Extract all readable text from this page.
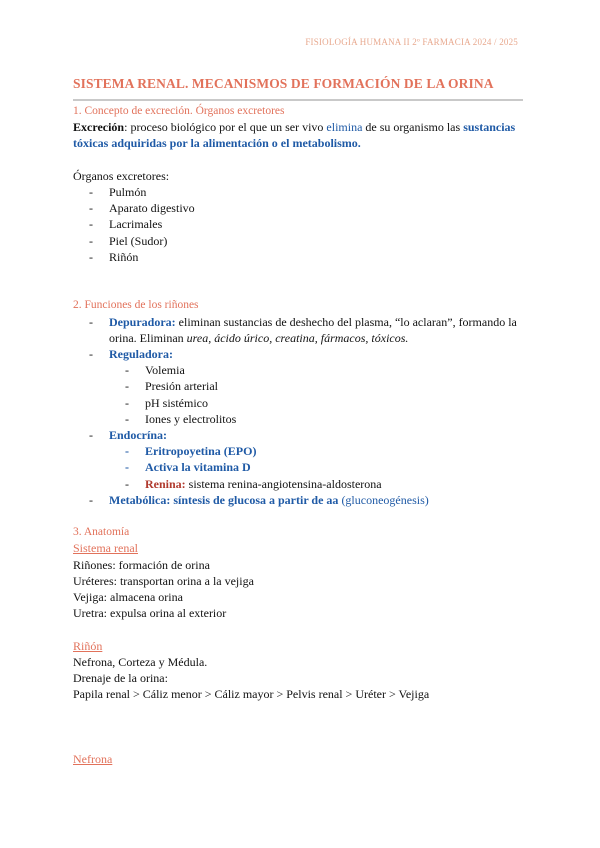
FISIOLOGÍA HUMANA II 2º FARMACIA 2024 / 2025
SISTEMA RENAL. MECANISMOS DE FORMACIÓN DE LA ORINA
1. Concepto de excreción. Órganos excretores
Excreción: proceso biológico por el que un ser vivo elimina de su organismo las sustancias tóxicas adquiridas por la alimentación o el metabolismo.
Órganos excretores:
- Pulmón
- Aparato digestivo
- Lacrimales
- Piel (Sudor)
- Riñón
2. Funciones de los riñones
- Depuradora: eliminan sustancias de deshecho del plasma, “lo aclaran”, formando la orina. Eliminan urea, ácido úrico, creatina, fármacos, tóxicos.
- Reguladora:
- Volemia
- Presión arterial
- pH sistémico
- Iones y electrolitos
- Endocrína:
- Eritropoyetina (EPO)
- Activa la vitamina D
- Renina: sistema renina-angiotensina-aldosterona
- Metabólica: síntesis de glucosa a partir de aa (gluconeogénesis)
3. Anatomía
Sistema renal
Riñones: formación de orina
Uréteres: transportan orina a la vejiga
Vejiga: almacena orina
Uretra: expulsa orina al exterior
Riñón
Nefrona, Corteza y Médula.
Drenaje de la orina:
Papila renal > Cáliz menor > Cáliz mayor > Pelvis renal > Uréter > Vejiga
Nefrona
